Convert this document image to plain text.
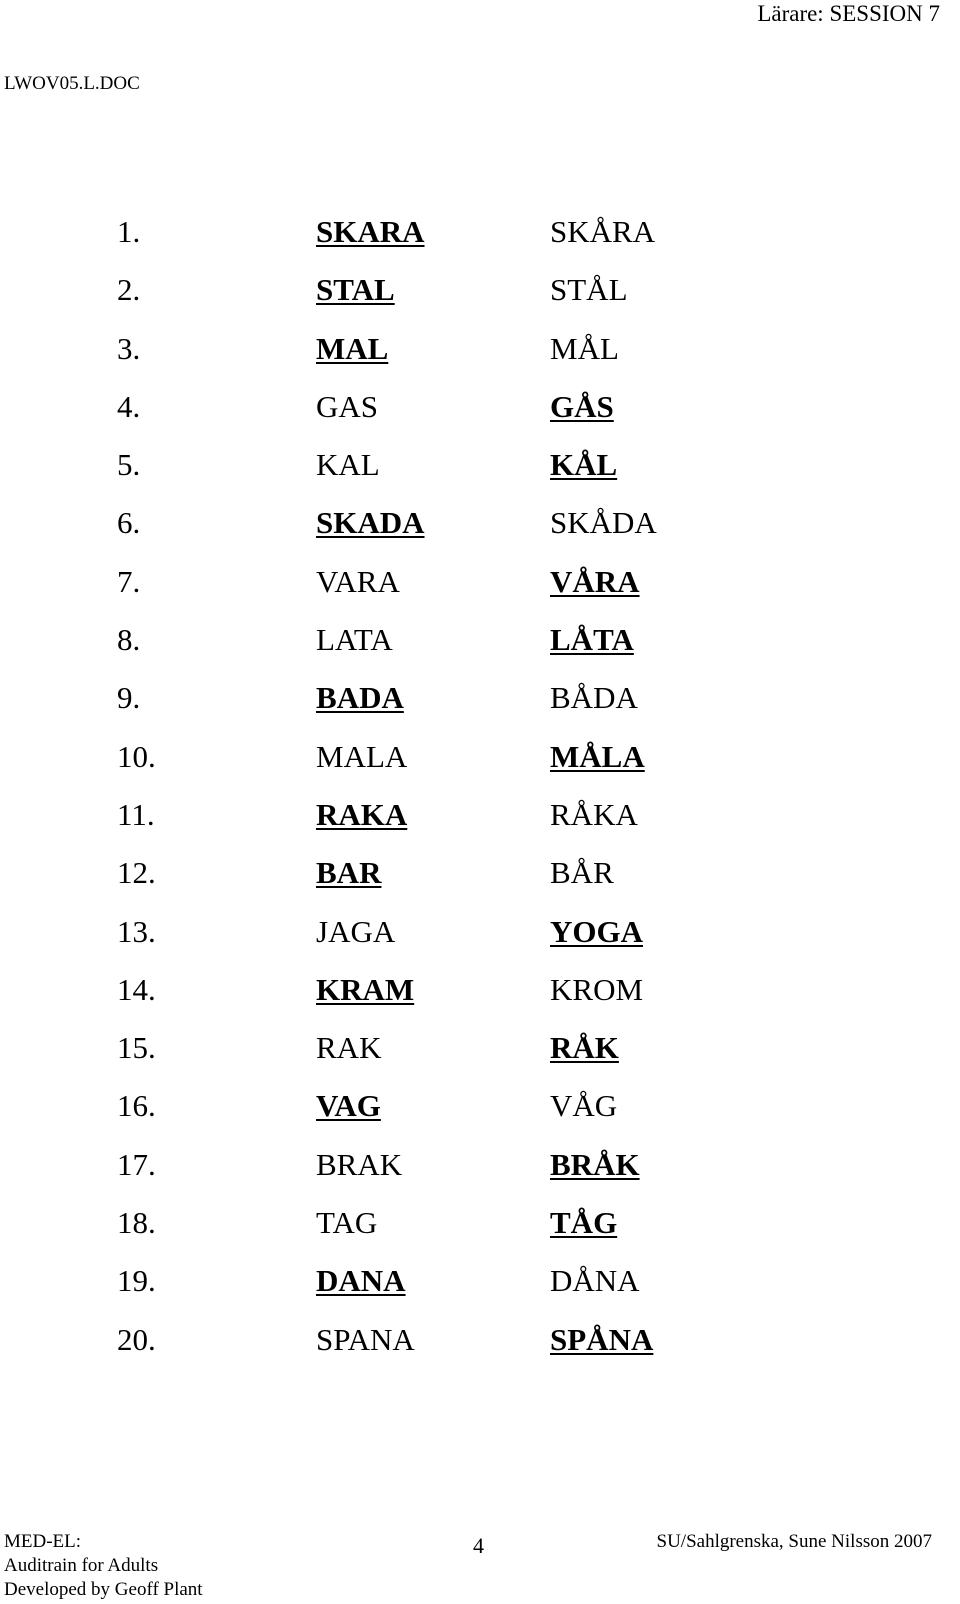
Lärare: SESSION 7
LWOV05.L.DOC
1.	SKARA	SKÅRA
2.	STAL	STÅL
3.	MAL	MÅL
4.	GAS	GÅS
5.	KAL	KÅL
6.	SKADA	SKÅDA
7.	VARA	VÅRA
8.	LATA	LÅTA
9.	BADA	BÅDA
10.	MALA	MÅLA
11.	RAKA	RÅKA
12.	BAR	BÅR
13.	JAGA	YOGA
14.	KRAM	KROM
15.	RAK	RÅK
16.	VAG	VÅG
17.	BRAK	BRÅK
18.	TAG	TÅG
19.	DANA	DÅNA
20.	SPANA	SPÅNA
MED-EL:
Auditrain for Adults
Developed by Geoff Plant
4	SU/Sahlgrenska, Sune Nilsson 2007
